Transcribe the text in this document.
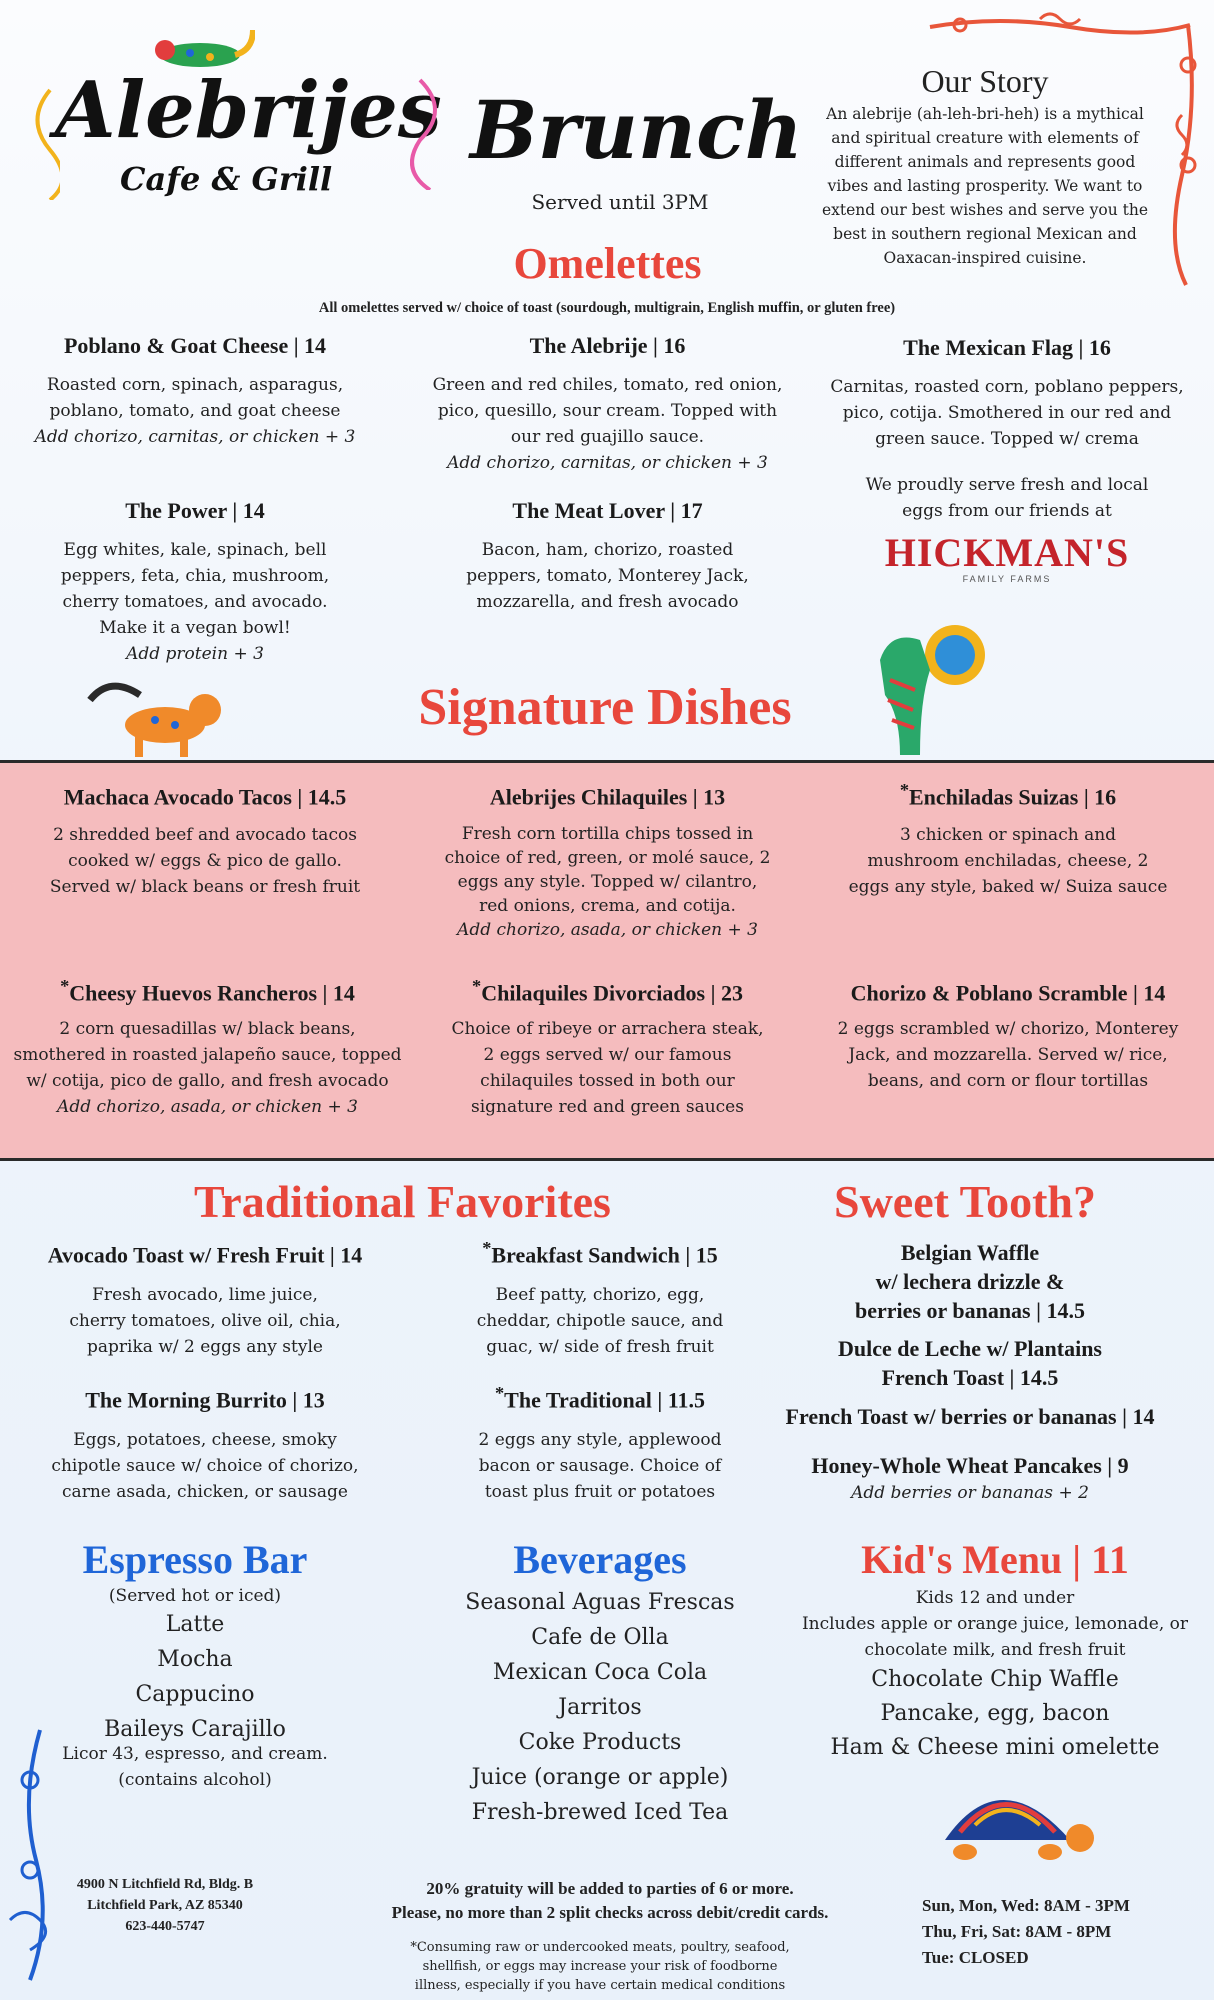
Alebrijes
Cafe & Grill
Brunch
Served until 3PM
Our Story
An alebrije (ah-leh-bri-heh) is a mythical
and spiritual creature with elements of
different animals and represents good
vibes and lasting prosperity. We want to
extend our best wishes and serve you the
best in southern regional Mexican and
Oaxacan-inspired cuisine.
Omelettes
All omelettes served w/ choice of toast (sourdough, multigrain, English muffin, or gluten free)
Poblano & Goat Cheese | 14
Roasted corn, spinach, asparagus,
poblano, tomato, and goat cheese
Add chorizo, carnitas, or chicken + 3
The Alebrije | 16
Green and red chiles, tomato, red onion,
pico, quesillo, sour cream. Topped with
our red guajillo sauce.
Add chorizo, carnitas, or chicken + 3
The Mexican Flag | 16
Carnitas, roasted corn, poblano peppers,
pico, cotija. Smothered in our red and
green sauce. Topped w/ crema
The Power | 14
Egg whites, kale, spinach, bell
peppers, feta, chia, mushroom,
cherry tomatoes, and avocado.
Make it a vegan bowl!
Add protein + 3
The Meat Lover | 17
Bacon, ham, chorizo, roasted
peppers, tomato, Monterey Jack,
mozzarella, and fresh avocado
We proudly serve fresh and local
eggs from our friends at
HICKMAN'S
FAMILY FARMS
Signature Dishes
Machaca Avocado Tacos | 14.5
2 shredded beef and avocado tacos
cooked w/ eggs & pico de gallo.
Served w/ black beans or fresh fruit
Alebrijes Chilaquiles | 13
Fresh corn tortilla chips tossed in
choice of red, green, or molé sauce, 2
eggs any style. Topped w/ cilantro,
red onions, crema, and cotija.
Add chorizo, asada, or chicken + 3
*Enchiladas Suizas | 16
3 chicken or spinach and
mushroom enchiladas, cheese, 2
eggs any style, baked w/ Suiza sauce
*Cheesy Huevos Rancheros | 14
2 corn quesadillas w/ black beans,
smothered in roasted jalapeño sauce, topped
w/ cotija, pico de gallo, and fresh avocado
Add chorizo, asada, or chicken + 3
*Chilaquiles Divorciados | 23
Choice of ribeye or arrachera steak,
2 eggs served w/ our famous
chilaquiles tossed in both our
signature red and green sauces
Chorizo & Poblano Scramble | 14
2 eggs scrambled w/ chorizo, Monterey
Jack, and mozzarella. Served w/ rice,
beans, and corn or flour tortillas
Traditional Favorites
Avocado Toast w/ Fresh Fruit | 14
Fresh avocado, lime juice,
cherry tomatoes, olive oil, chia,
paprika w/ 2 eggs any style
*Breakfast Sandwich | 15
Beef patty, chorizo, egg,
cheddar, chipotle sauce, and
guac, w/ side of fresh fruit
The Morning Burrito | 13
Eggs, potatoes, cheese, smoky
chipotle sauce w/ choice of chorizo,
carne asada, chicken, or sausage
*The Traditional | 11.5
2 eggs any style, applewood
bacon or sausage. Choice of
toast plus fruit or potatoes
Sweet Tooth?
Belgian Waffle
w/ lechera drizzle &
berries or bananas | 14.5
Dulce de Leche w/ Plantains
French Toast | 14.5
French Toast w/ berries or bananas | 14
Honey-Whole Wheat Pancakes | 9
Add berries or bananas + 2
Espresso Bar
(Served hot or iced)
Latte
Mocha
Cappucino
Baileys Carajillo
Licor 43, espresso, and cream.
(contains alcohol)
Beverages
Seasonal Aguas Frescas
Cafe de Olla
Mexican Coca Cola
Jarritos
Coke Products
Juice (orange or apple)
Fresh-brewed Iced Tea
Kid's Menu | 11
Kids 12 and under
Includes apple or orange juice, lemonade, or
chocolate milk, and fresh fruit
Chocolate Chip Waffle
Pancake, egg, bacon
Ham & Cheese mini omelette
4900 N Litchfield Rd, Bldg. B
Litchfield Park, AZ 85340
623-440-5747
20% gratuity will be added to parties of 6 or more.
Please, no more than 2 split checks across debit/credit cards.
*Consuming raw or undercooked meats, poultry, seafood,
shellfish, or eggs may increase your risk of foodborne
illness, especially if you have certain medical conditions
Sun, Mon, Wed: 8AM - 3PM
Thu, Fri, Sat: 8AM - 8PM
Tue: CLOSED
